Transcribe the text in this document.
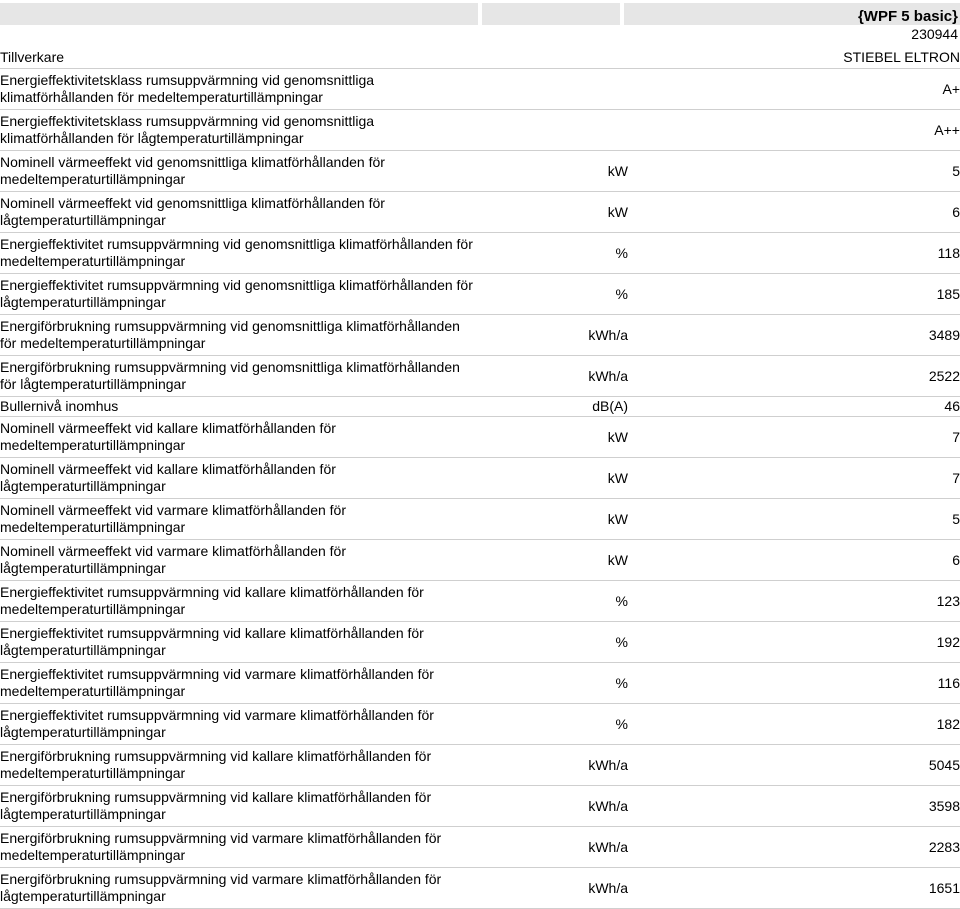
{WPF 5 basic}
230944
Tillverkare		STIEBEL ELTRON
Energieffektivitetsklass rumsuppvärmning vid genomsnittliga klimatförhållanden för medeltemperaturtillämpningar		A+
Energieffektivitetsklass rumsuppvärmning vid genomsnittliga klimatförhållanden för lågtemperaturtillämpningar		A++
Nominell värmeeffekt vid genomsnittliga klimatförhållanden för medeltemperaturtillämpningar	kW	5
Nominell värmeeffekt vid genomsnittliga klimatförhållanden för lågtemperaturtillämpningar	kW	6
Energieffektivitet rumsuppvärmning vid genomsnittliga klimatförhållanden för medeltemperaturtillämpningar	%	118
Energieffektivitet rumsuppvärmning vid genomsnittliga klimatförhållanden för lågtemperaturtillämpningar	%	185
Energiförbrukning rumsuppvärmning vid genomsnittliga klimatförhållanden för medeltemperaturtillämpningar	kWh/a	3489
Energiförbrukning rumsuppvärmning vid genomsnittliga klimatförhållanden för lågtemperaturtillämpningar	kWh/a	2522
Bullernivå inomhus	dB(A)	46
Nominell värmeeffekt vid kallare klimatförhållanden för medeltemperaturtillämpningar	kW	7
Nominell värmeeffekt vid kallare klimatförhållanden för lågtemperaturtillämpningar	kW	7
Nominell värmeeffekt vid varmare klimatförhållanden för medeltemperaturtillämpningar	kW	5
Nominell värmeeffekt vid varmare klimatförhållanden för lågtemperaturtillämpningar	kW	6
Energieffektivitet rumsuppvärmning vid kallare klimatförhållanden för medeltemperaturtillämpningar	%	123
Energieffektivitet rumsuppvärmning vid kallare klimatförhållanden för lågtemperaturtillämpningar	%	192
Energieffektivitet rumsuppvärmning vid varmare klimatförhållanden för medeltemperaturtillämpningar	%	116
Energieffektivitet rumsuppvärmning vid varmare klimatförhållanden för lågtemperaturtillämpningar	%	182
Energiförbrukning rumsuppvärmning vid kallare klimatförhållanden för medeltemperaturtillämpningar	kWh/a	5045
Energiförbrukning rumsuppvärmning vid kallare klimatförhållanden för lågtemperaturtillämpningar	kWh/a	3598
Energiförbrukning rumsuppvärmning vid varmare klimatförhållanden för medeltemperaturtillämpningar	kWh/a	2283
Energiförbrukning rumsuppvärmning vid varmare klimatförhållanden för lågtemperaturtillämpningar	kWh/a	1651
